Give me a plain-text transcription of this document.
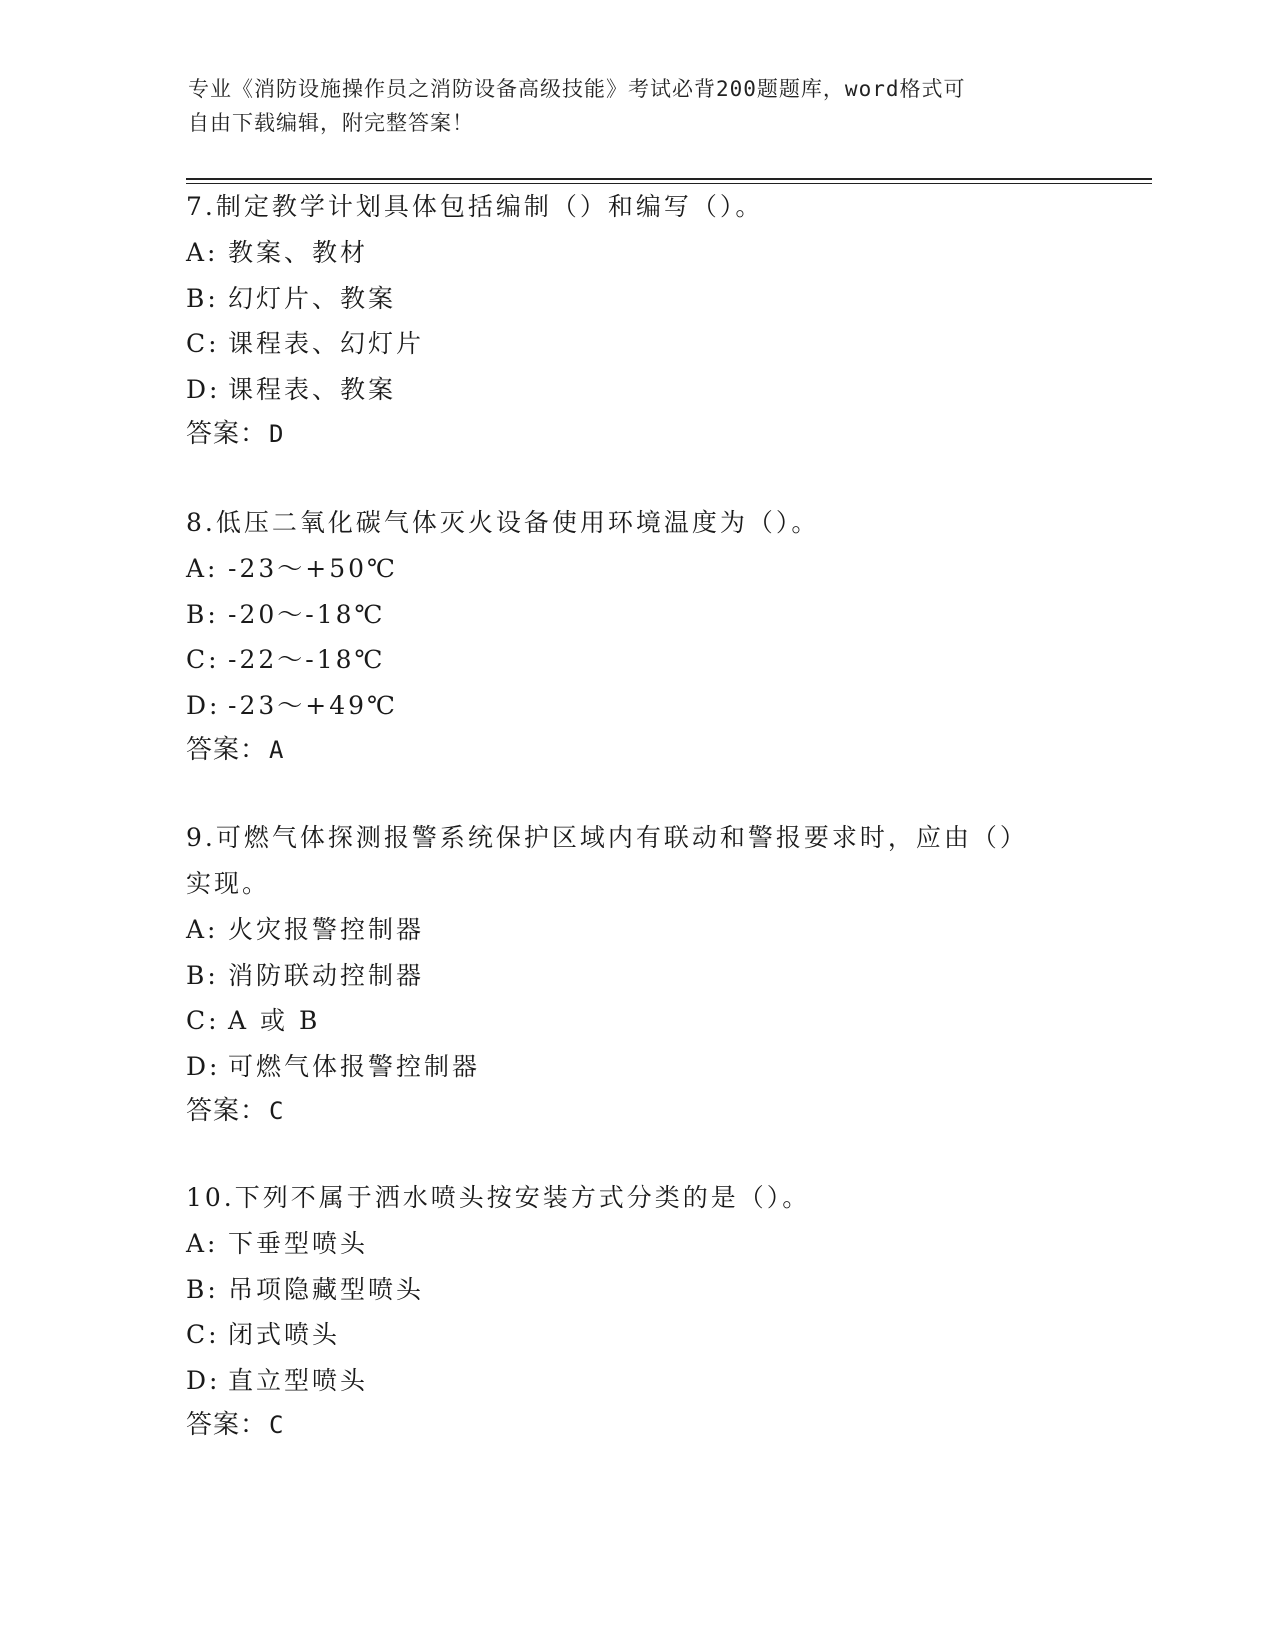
专业《消防设施操作员之消防设备高级技能》考试必背200题题库，word格式可
自由下载编辑，附完整答案！

7.制定教学计划具体包括编制（）和编写（）。

A: 教案、教材
B: 幻灯片、教案
C: 课程表、幻灯片
D: 课程表、教案
答案：D

8.低压二氧化碳气体灭火设备使用环境温度为（）。

A: -23～+50℃
B: -20～-18℃
C: -22～-18℃
D: -23～+49℃
答案：A

9.可燃气体探测报警系统保护区域内有联动和警报要求时，应由（）
实现。

A: 火灾报警控制器
B: 消防联动控制器
C: A 或 B
D: 可燃气体报警控制器
答案：C

10.下列不属于洒水喷头按安装方式分类的是（）。

A: 下垂型喷头
B: 吊项隐藏型喷头
C: 闭式喷头
D: 直立型喷头
答案：C
